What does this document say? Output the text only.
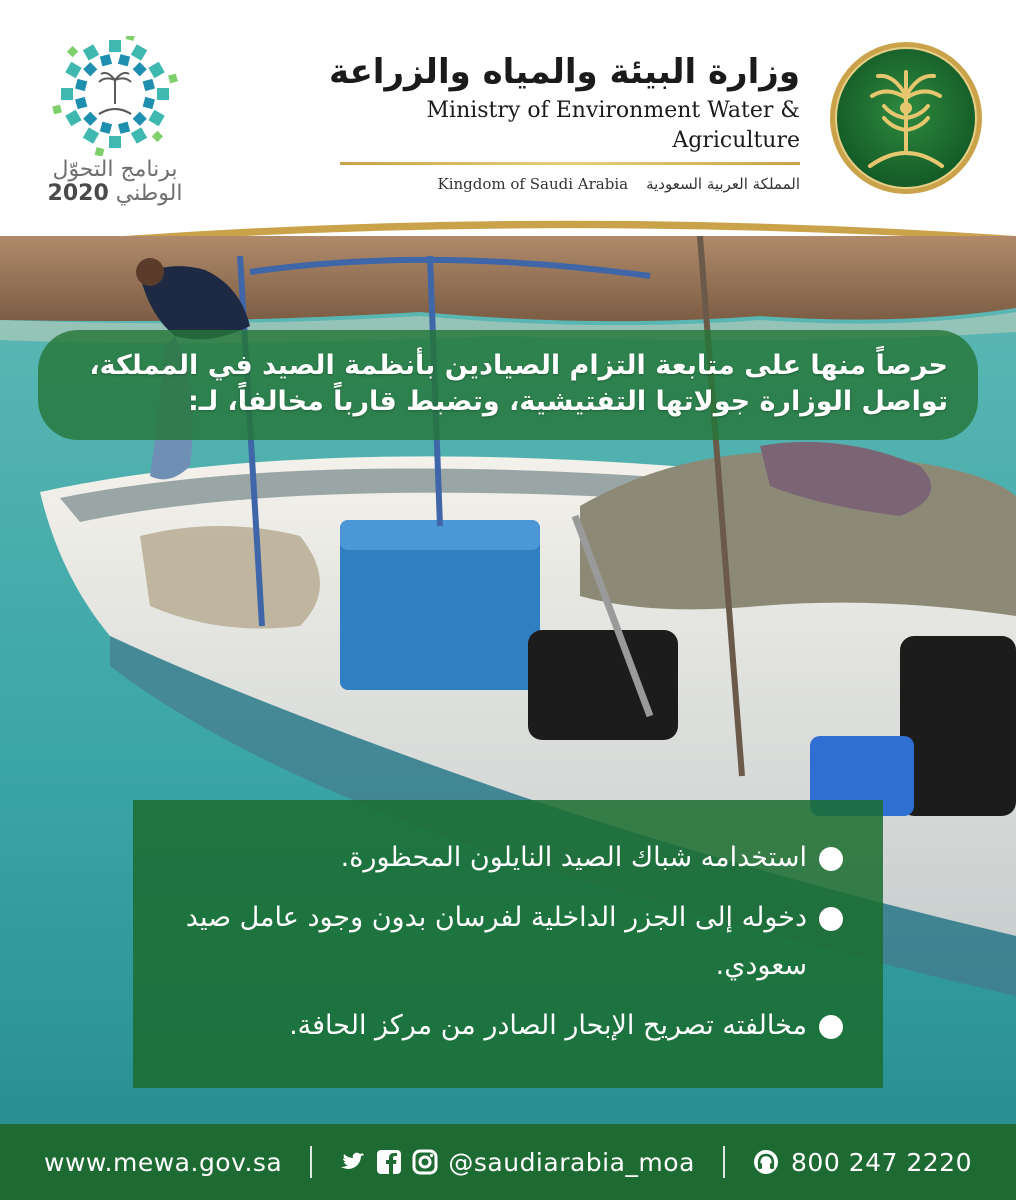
برنامج التحوّل
الوطني 2020
وزارة البيئة والمياه والزراعة
Ministry of Environment Water & Agriculture
Kingdom of Saudi Arabia المملكة العربية السعودية
حرصاً منها على متابعة التزام الصيادين بأنظمة الصيد في المملكة،
تواصل الوزارة جولاتها التفتيشية، وتضبط قارباً مخالفاً، لـ:
استخدامه شباك الصيد النايلون المحظورة.
دخوله إلى الجزر الداخلية لفرسان بدون وجود عامل صيد سعودي.
مخالفته تصريح الإبحار الصادر من مركز الحافة.
www.mewa.gov.sa	@saudiarabia_moa	800 247 2220
